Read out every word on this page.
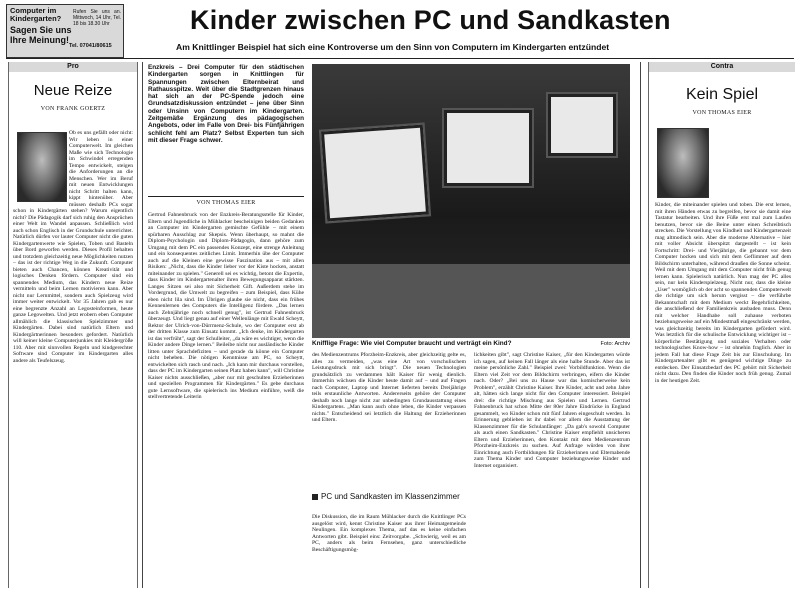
Computer im Kindergarten?
Sagen Sie uns Ihre Meinung!
Tel. 07041/80615
Rufen Sie uns an. Mittwoch, 14 Uhr, Tel. 18 bis 18.30 Uhr	Kinder zwischen PC und Sandkasten
Am Knittlinger Beispiel hat sich eine Kontroverse um den Sinn von Computern im Kindergarten entzündet
Pro
Neue Reize
VON FRANK GOERTZ
Ob es uns gefällt oder nicht: Wir leben in einer Computerwelt. Im gleichen Maße wie sich Technologie im Schwindel erregenden Tempo entwickelt, steigen die Anforderungen an die Menschen. Wer im Beruf mit neuen Entwicklungen nicht Schritt halten kann, kippt hintenüber. Aber müssen deshalb PCs sogar schon in Kindergärten stehen? Warum eigentlich nicht? Die Pädagogik darf sich ruhig den Ansprüchen einer Welt im Wandel anpassen. Schließlich wird auch schon Englisch in der Grundschule unterrichtet. Natürlich dürfen vor lauter Computer nicht die guten Kindergartenwerte wie Spielen, Toben und Basteln über Bord geworfen werden. Dieses Profil behalten und trotzdem gleichzeitig neue Möglichkeiten nutzen – das ist der richtige Weg in die Zukunft. Computer bieten auch Chancen, können Kreativität und logisches Denken fördern. Computer sind ein spannendes Medium, das Kindern neue Reize vermitteln und beim Lernen motivieren kann. Aber nicht nur Lernmittel, sondern auch Spielzeug wird immer weiter entwickelt. Vor 35 Jahren gab es nur eine begrenzte Anzahl an Legosteinformen, heute ganze Legowelten. Und jetzt erobern eben Computer allmählich die klassischen Spielzimmer und Kindergärten. Dabei sind natürlich Eltern und Kindergärtnerinnen besonders gefordert. Natürlich will keiner kleine Computerjunkies mit Kleidergröße 110. Aber mit sinnvollen Regeln und kindgerechter Software sind Computer im Kindergarten alles andere als Teufelszeug.
Enzkreis – Drei Computer für den städtischen Kindergarten sorgen in Knittlingen für Spannungen zwischen Elternbeirat und Rathausspitze. Weit über die Stadtgrenzen hinaus hat sich an der PC-Spende jedoch eine Grundsatzdiskussion entzündet – jene über Sinn oder Unsinn von Computern im Kindergarten. Zeitgemäße Ergänzung des pädagogischen Angebots, oder im Falle von Drei- bis Fünfjährigen schlicht fehl am Platz? Selbst Experten tun sich mit dieser Frage schwer.
VON THOMAS EIER
Gertrud Fahnenbruck von der Enzkreis-Beratungsstelle für Kinder, Eltern und Jugendliche in Mühlacker bescheinigen beiden Gedanken an Computer im Kindergarten gemischte Gefühle – mit einem spürbaren Ausschlag zur Skepsis. Wenn überhaupt, so mahnt die Diplom-Psychologin und Diplom-Pädagogin, dann gehöre zum Umgang mit dem PC ein passendes Konzept, eine strenge Anleitung und ein konsequentes zeitliches Limit. Immerhin übe der Computer auch auf die Kleinen eine gewisse Faszination aus – mit allen Risiken: „Nicht, dass die Kinder lieber vor der Kiste hocken, anstatt miteinander zu spielen." Generell sei es wichtig, betont die Expertin, dass Kinder im Kindergartenalter ihren Bewegungsapparat stärkten. Langes Sitzen sei also mit Sicherheit Gift. Außerdem stehe im Vordergrund, die Umwelt zu begreifen – zum Beispiel, dass Kühe eben nicht lila sind. Im Übrigen glaube sie nicht, dass ein frühes Kennenlernen des Computers die Intelligenz fördere. „Das lernen auch Zehnjährige noch schnell genug", ist Gertrud Fahnenbruck überzeugt. Und liegt genau auf einer Wellenlänge mit Ewald Scheytt, Rektor der Ulrich-von-Dürrmenz-Schule, wo der Computer erst ab der dritten Klasse zum Einsatz kommt. „Ich denke, im Kindergarten ist das verfrüht", sagt der Schulleiter, „da wäre es wichtiger, wenn die Kinder andere Dinge lernen." Beileibe nicht nur ausländische Kinder litten unter Sprachdefiziten – und gerade da könne ein Computer nicht beheben. Die nötigen Kenntnisse am PC, so Scheytt, entwickelten sich rasch und nach. „Ich kann mir durchaus vorstellen, dass der PC im Kindergarten seinen Platz haben kann", will Christine Kaiser nichts ausschließen, „aber nur mit geschulten Erzieherinnen und speziellen Programmen für Kindergärten." Es gebe durchaus gute Lernsoftware, die spielerisch ins Medium einführe, weiß die stellvertretende Leiterin
Knifflige Frage: Wie viel Computer braucht und verträgt ein Kind?	Foto: Archiv
des Medienzentrums Pforzheim-Enzkreis, aber gleichzeitig gelte es, alles zu vermeiden, „was eine Art von vorschulischem Leistungsdruck mit sich bringt". Die neuen Technologien grundsätzlich zu verdammen hält Kaiser für wenig dienlich. Immerhin wüchsen die Kinder heute damit auf – und auf Fragen nach Computer, Laptop und Internet lieferten bereits Dreijährige teils erstaunliche Antworten. Andererseits gehöre der Computer deshalb noch lange nicht zur unbedingten Grundausstattung eines Kindergartens. „Man kann auch ohne leben, die Kinder verpassen nichts." Entscheidend sei letztlich die Haltung der Erzieherinnen und Eltern.
PC und Sandkasten im Klassenzimmer
Die Diskussion, die im Raum Mühlacker durch die Knittlinger PCs ausgelöst wird, kennt Christine Kaiser aus ihrer Heimatgemeinde Neulingen. Ein komplexes Thema, auf das es keine einfachen Antworten gibt. Beispiel eins: Zeitvorgabe. „Schwierig, weil es am PC, anders als beim Fernsehen, ganz unterschiedliche Beschäftigungsmög-
lichkeiten gibt", sagt Christine Kaiser, „für den Kindergarten würde ich sagen, auf keinen Fall länger als eine halbe Stunde. Aber das ist meine persönliche Zahl." Beispiel zwei: Vorbildfunktion. Wenn die Eltern viel Zeit vor dem Bildschirm verbringen, eifern die Kinder nach. Oder? „Bei uns zu Hause war das komischerweise kein Problem", erzählt Christine Kaiser. Ihre Kinder, acht und zehn Jahre alt, hätten sich lange nicht für den Computer interessiert. Beispiel drei: die richtige Mischung aus Spielen und Lernen. Gertrud Fahnenbruck hat schon Mitte der 80er Jahre Eindrücke in England gesammelt, wo Kinder schon mit fünf Jahren eingeschult werden. In Erinnerung geblieben ist ihr dabei vor allem die Ausstattung der Klassenzimmer für die Schulanfänger: „Da gab's sowohl Computer als auch einen Sandkasten." Christine Kaiser empfiehlt unsicheren Eltern und Erzieherinnen, den Kontakt mit dem Medienzentrum Pforzheim-Enzkreis zu suchen. Auf Anfrage würden von ihrer Einrichtung auch Fortbildungen für Erzieherinnen und Elternabende zum Thema Kinder und Computer beziehungsweise Kinder und Internet organisiert.
Contra
Kein Spiel
VON THOMAS EIER
Kinder, die miteinander spielen und toben. Die erst lernen, mit ihren Händen etwas zu begreifen, bevor sie damit eine Tastatur bearbeiten. Und ihre Füße erst mal zum Laufen benutzen, bevor sie die Beine unter einen Schreibtisch strecken. Die Vorstellung von Kindheit und Kindergartenzeit mag altmodisch sein. Aber die moderne Alternative – hier mit voller Absicht überspitzt dargestellt – ist kein Fortschritt: Drei- und Vierjährige, die gebannt vor dem Computer hocken und sich mit dem Geflimmer auf dem Bildschirm unterhalten, während draußen die Sonne scheint. Weil mit dem Umgang mit dem Computer nicht früh genug lernen kann. Spielerisch natürlich. Nun mag der PC alles sein, nur kein Kinderspielzeug. Nicht nur, dass die kleine „User" womöglich ob der acht so spannenden Computerwelt die richtige um sich herum vergisst – die verführbe Bekanntschaft mit dem Medium weckt Begehrlichkeiten, die anschließend der Familienkreis ausbaden muss. Denn mit welcher Handhabe soll zuhause verboten beziehungsweise auf ein Mindestmaß eingeschränkt werden, was gleichzeitig bereits im Kindergarten gefördert wird. Was letztlich für die schulische Entwicklung wichtiger ist – körperliche Bestätigung und soziales Verhalten oder technologisches Know-how – ist ohnehin fraglich. Aber in jedem Fall hat diese Frage Zeit bis zur Einschulung. Im Kindergartenalter gibt es genügend wichtige Dinge zu entdecken. Der Einsatzbedarf des PC gehört mit Sicherheit nicht dazu. Den finden die Kinder noch früh genug. Zumal in der heutigen Zeit.
